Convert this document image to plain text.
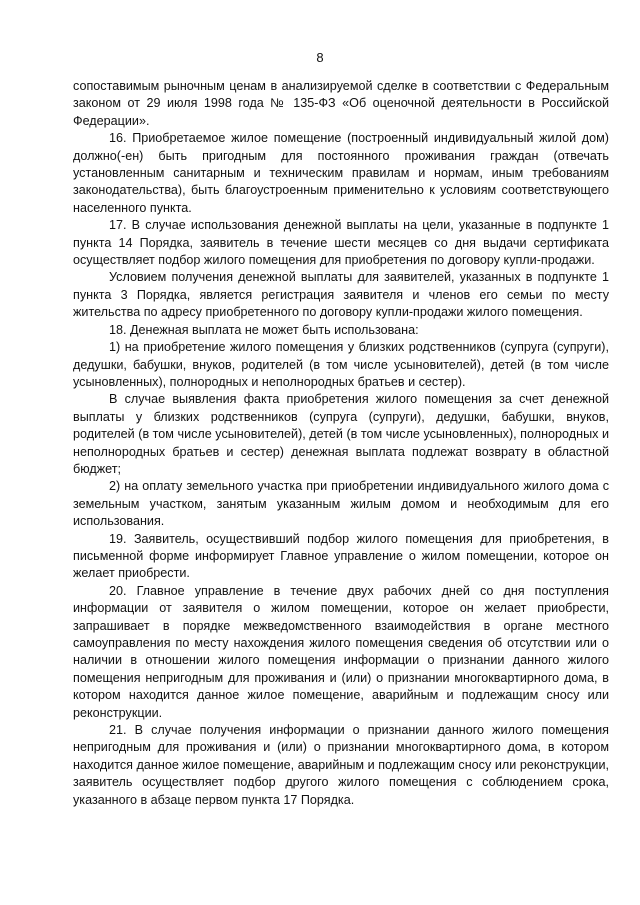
8

сопоставимым рыночным ценам в анализируемой сделке в соответствии с Федеральным законом от 29 июля 1998 года № 135-ФЗ «Об оценочной деятельности в Российской Федерации».

16. Приобретаемое жилое помещение (построенный индивидуальный жилой дом) должно(-ен) быть пригодным для постоянного проживания граждан (отвечать установленным санитарным и техническим правилам и нормам, иным требованиям законодательства), быть благоустроенным применительно к условиям соответствующего населенного пункта.

17. В случае использования денежной выплаты на цели, указанные в подпункте 1 пункта 14 Порядка, заявитель в течение шести месяцев со дня выдачи сертификата осуществляет подбор жилого помещения для приобретения по договору купли-продажи.

Условием получения денежной выплаты для заявителей, указанных в подпункте 1 пункта 3 Порядка, является регистрация заявителя и членов его семьи по месту жительства по адресу приобретенного по договору купли-продажи жилого помещения.

18. Денежная выплата не может быть использована:

1) на приобретение жилого помещения у близких родственников (супруга (супруги), дедушки, бабушки, внуков, родителей (в том числе усыновителей), детей (в том числе усыновленных), полнородных и неполнородных братьев и сестер).

В случае выявления факта приобретения жилого помещения за счет денежной выплаты у близких родственников (супруга (супруги), дедушки, бабушки, внуков, родителей (в том числе усыновителей), детей (в том числе усыновленных), полнородных и неполнородных братьев и сестер) денежная выплата подлежат возврату в областной бюджет;

2) на оплату земельного участка при приобретении индивидуального жилого дома с земельным участком, занятым указанным жилым домом и необходимым для его использования.

19. Заявитель, осуществивший подбор жилого помещения для приобретения, в письменной форме информирует Главное управление о жилом помещении, которое он желает приобрести.

20. Главное управление в течение двух рабочих дней со дня поступления информации от заявителя о жилом помещении, которое он желает приобрести, запрашивает в порядке межведомственного взаимодействия в органе местного самоуправления по месту нахождения жилого помещения сведения об отсутствии или о наличии в отношении жилого помещения информации о признании данного жилого помещения непригодным для проживания и (или) о признании многоквартирного дома, в котором находится данное жилое помещение, аварийным и подлежащим сносу или реконструкции.

21. В случае получения информации о признании данного жилого помещения непригодным для проживания и (или) о признании многоквартирного дома, в котором находится данное жилое помещение, аварийным и подлежащим сносу или реконструкции, заявитель осуществляет подбор другого жилого помещения с соблюдением срока, указанного в абзаце первом пункта 17 Порядка.
